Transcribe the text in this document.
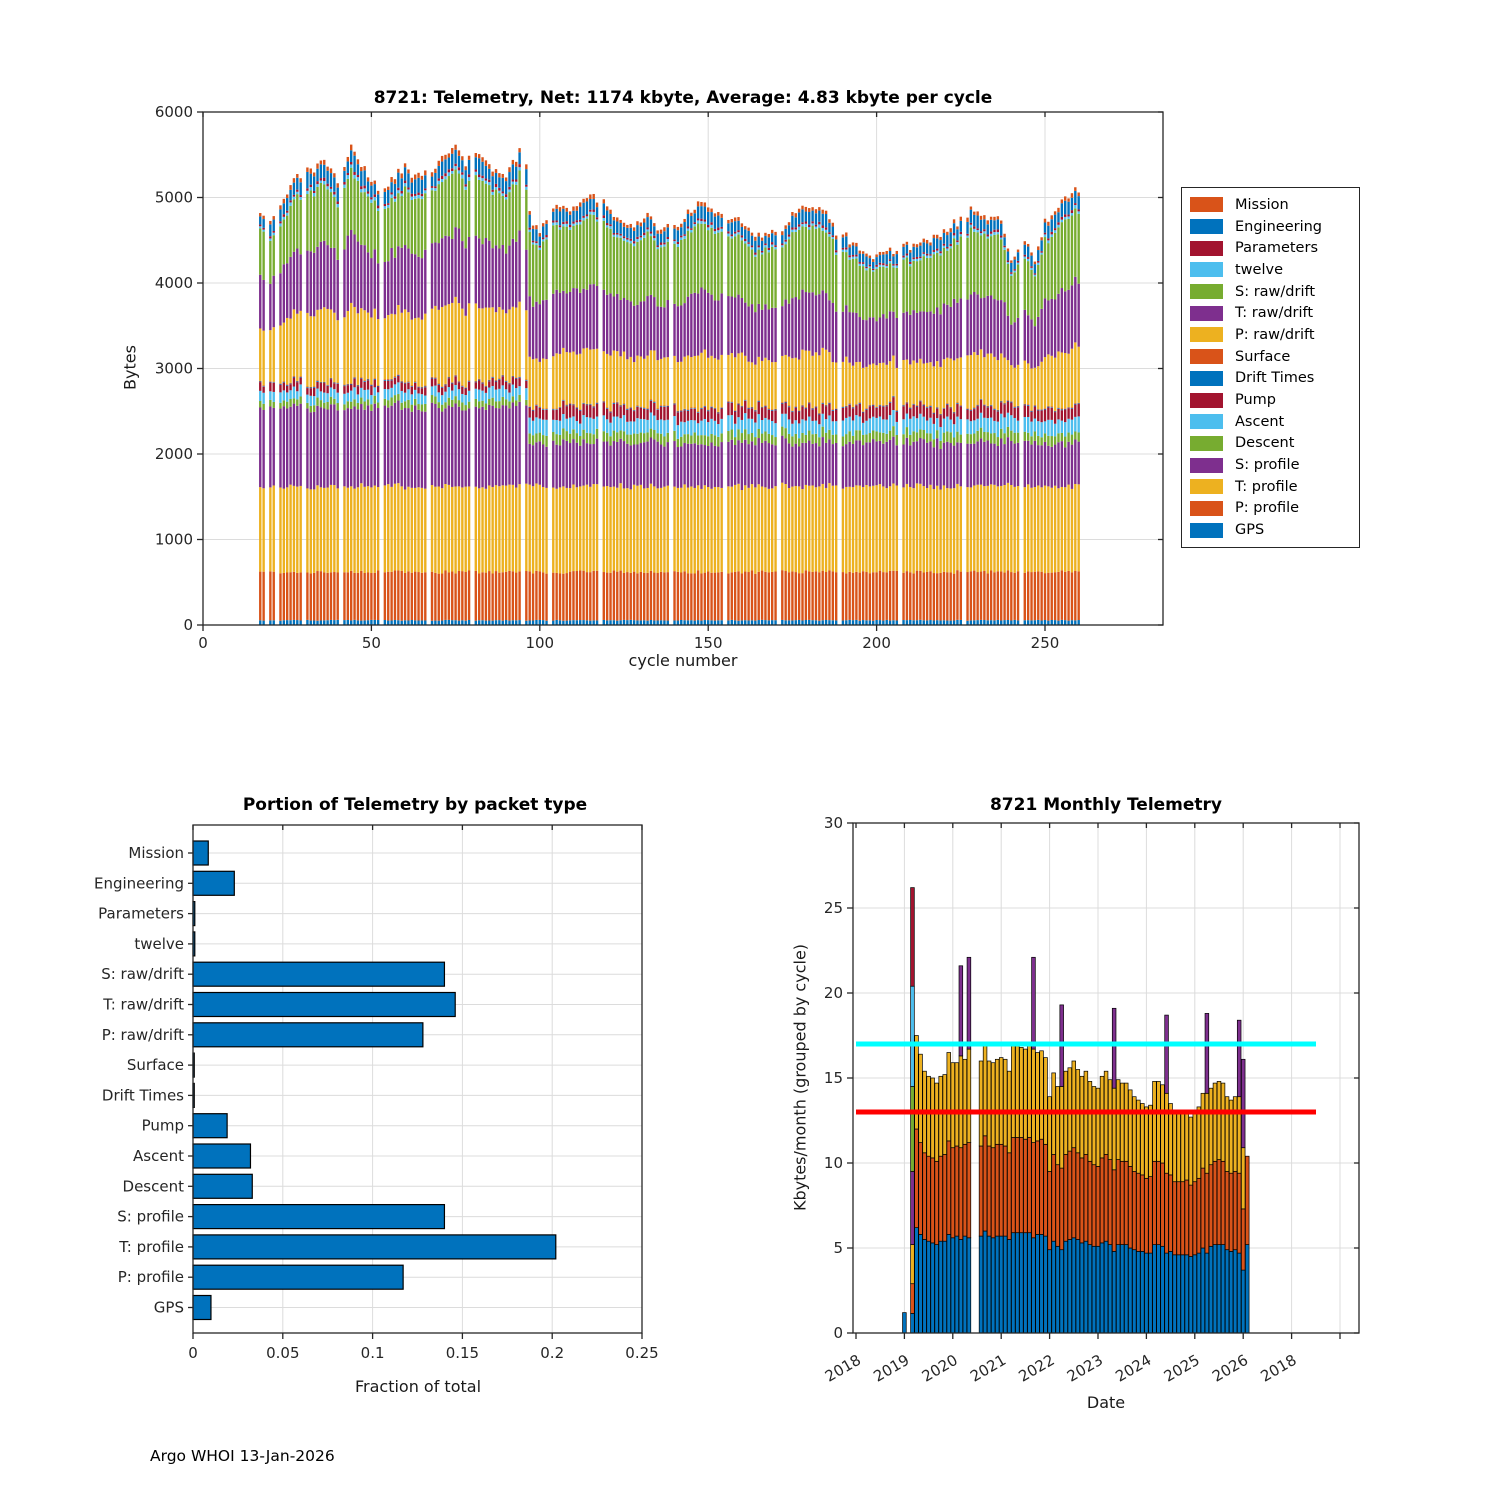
8721: Telemetry, Net: 1174 kbyte, Average: 4.83 kbyte per cycle
Bytes
cycle number
Portion of Telemetry by packet type
Fraction of total
8721 Monthly Telemetry
Kbytes/month (grouped by cycle)
Date
0	50	100	150	200	250
0
1000
2000
3000
4000
5000
6000
Mission
Engineering
Parameters
twelve
S: raw/drift
T: raw/drift
P: raw/drift
Surface
Drift Times
Pump
Ascent
Descent
S: profile
T: profile
P: profile
GPS
0	0.05	0.1	0.15	0.2	0.25	2018 2019 2020 2021 2022 2023 2024 2025 2026 2018
0
5
10
15
20
25
30
Mission
Engineering
Parameters
twelve
S: raw/drift
T: raw/drift
P: raw/drift
Surface
Drift Times
Pump
Ascent
Descent
S: profile
T: profile
P: profile
GPS
Argo WHOI 13-Jan-2026
